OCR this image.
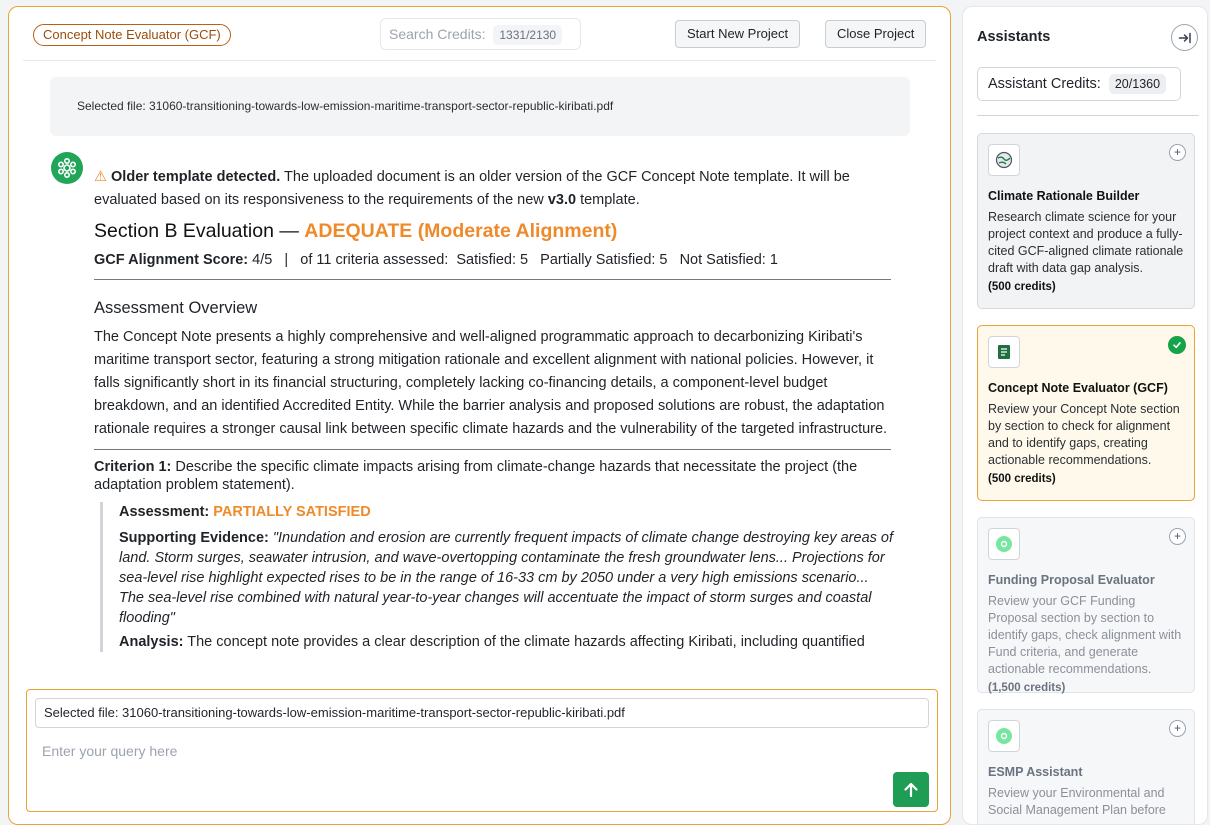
Concept Note Evaluator (GCF)	Search Credits: 1331/2130	Start New Project	Close Project
Selected file: 31060-transitioning-towards-low-emission-maritime-transport-sector-republic-kiribati.pdf
⚠ Older template detected. The uploaded document is an older version of the GCF Concept Note template. It will be evaluated based on its responsiveness to the requirements of the new v3.0 template.
Section B Evaluation — ADEQUATE (Moderate Alignment)
GCF Alignment Score: 4/5   |   of 11 criteria assessed:  Satisfied: 5   Partially Satisfied: 5   Not Satisfied: 1
Assessment Overview
The Concept Note presents a highly comprehensive and well-aligned programmatic approach to decarbonizing Kiribati's maritime transport sector, featuring a strong mitigation rationale and excellent alignment with national policies. However, it falls significantly short in its financial structuring, completely lacking co-financing details, a component-level budget breakdown, and an identified Accredited Entity. While the barrier analysis and proposed solutions are robust, the adaptation rationale requires a stronger causal link between specific climate hazards and the vulnerability of the targeted infrastructure.
Criterion 1: Describe the specific climate impacts arising from climate-change hazards that necessitate the project (the adaptation problem statement).
Assessment: PARTIALLY SATISFIED
Supporting Evidence: "Inundation and erosion are currently frequent impacts of climate change destroying key areas of land. Storm surges, seawater intrusion, and wave-overtopping contaminate the fresh groundwater lens... Projections for sea-level rise highlight expected rises to be in the range of 16-33 cm by 2050 under a very high emissions scenario... The sea-level rise combined with natural year-to-year changes will accentuate the impact of storm surges and coastal flooding"
Analysis: The concept note provides a clear description of the climate hazards affecting Kiribati, including quantified
Selected file: 31060-transitioning-towards-low-emission-maritime-transport-sector-republic-kiribati.pdf
Enter your query here
Assistants
Assistant Credits: 20/1360
+
Climate Rationale Builder
Research climate science for your project context and produce a fully-cited GCF-aligned climate rationale draft with data gap analysis.
(500 credits)
Concept Note Evaluator (GCF)
Review your Concept Note section by section to check for alignment and to identify gaps, creating actionable recommendations.
(500 credits)
+
Funding Proposal Evaluator
Review your GCF Funding Proposal section by section to identify gaps, check alignment with Fund criteria, and generate actionable recommendations.
(1,500 credits)
+
ESMP Assistant
Review your Environmental and Social Management Plan before
